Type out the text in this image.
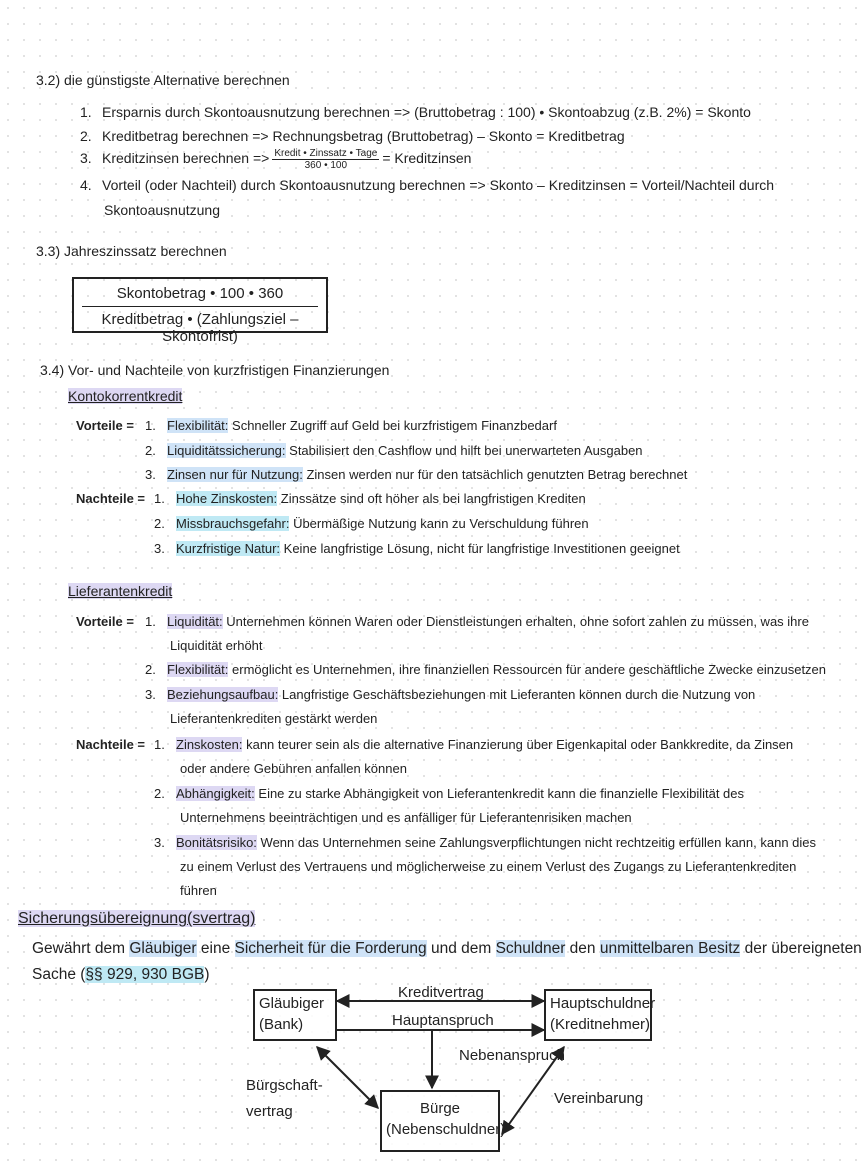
3.2) die günstigste Alternative berechnen
1. Ersparnis durch Skontoausnutzung berechnen => (Bruttobetrag : 100) • Skontoabzug (z.B. 2%) = Skonto
2. Kreditbetrag berechnen => Rechnungsbetrag (Bruttobetrag) – Skonto = Kreditbetrag
3. Kreditzinsen berechnen => $\frac{\text{Kredit • Zinssatz • Tage}}{360 • 100}$ = Kreditzinsen
4. Vorteil (oder Nachteil) durch Skontoausnutzung berechnen => Skonto – Kreditzinsen = Vorteil/Nachteil durch
Skontoausnutzung
3.3) Jahreszinssatz berechnen
Skontobetrag • 100 • 360
Kreditbetrag • (Zahlungsziel – Skontofrist)
3.4) Vor- und Nachteile von kurzfristigen Finanzierungen
Kontokorrentkredit
Vorteile = 1. Flexibilität: Schneller Zugriff auf Geld bei kurzfristigem Finanzbedarf
2. Liquiditätssicherung: Stabilisiert den Cashflow und hilft bei unerwarteten Ausgaben
3. Zinsen nur für Nutzung: Zinsen werden nur für den tatsächlich genutzten Betrag berechnet
Nachteile = 1. Hohe Zinskosten: Zinssätze sind oft höher als bei langfristigen Krediten
2. Missbrauchsgefahr: Übermäßige Nutzung kann zu Verschuldung führen
3. Kurzfristige Natur: Keine langfristige Lösung, nicht für langfristige Investitionen geeignet
Lieferantenkredit
Vorteile = 1. Liquidität: Unternehmen können Waren oder Dienstleistungen erhalten, ohne sofort zahlen zu müssen, was ihre
Liquidität erhöht
2. Flexibilität: ermöglicht es Unternehmen, ihre finanziellen Ressourcen für andere geschäftliche Zwecke einzusetzen
3. Beziehungsaufbau: Langfristige Geschäftsbeziehungen mit Lieferanten können durch die Nutzung von
Lieferantenkrediten gestärkt werden
Nachteile = 1. Zinskosten: kann teurer sein als die alternative Finanzierung über Eigenkapital oder Bankkredite, da Zinsen
oder andere Gebühren anfallen können
2. Abhängigkeit: Eine zu starke Abhängigkeit von Lieferantenkredit kann die finanzielle Flexibilität des
Unternehmens beeinträchtigen und es anfälliger für Lieferantenrisiken machen
3. Bonitätsrisiko: Wenn das Unternehmen seine Zahlungsverpflichtungen nicht rechtzeitig erfüllen kann, kann dies
zu einem Verlust des Vertrauens und möglicherweise zu einem Verlust des Zugangs zu Lieferantenkrediten
führen
Sicherungsübereignung(svertrag)
Gewährt dem Gläubiger eine Sicherheit für die Forderung und dem Schuldner den unmittelbaren Besitz der übereigneten
Sache (§§ 929, 930 BGB)
Gläubiger
(Bank)
Hauptschuldner
(Kreditnehmer)
Bürge
(Nebenschuldner)
Kreditvertrag
Hauptanspruch
Nebenanspruch
Bürgschaft-
vertrag
Vereinbarung
